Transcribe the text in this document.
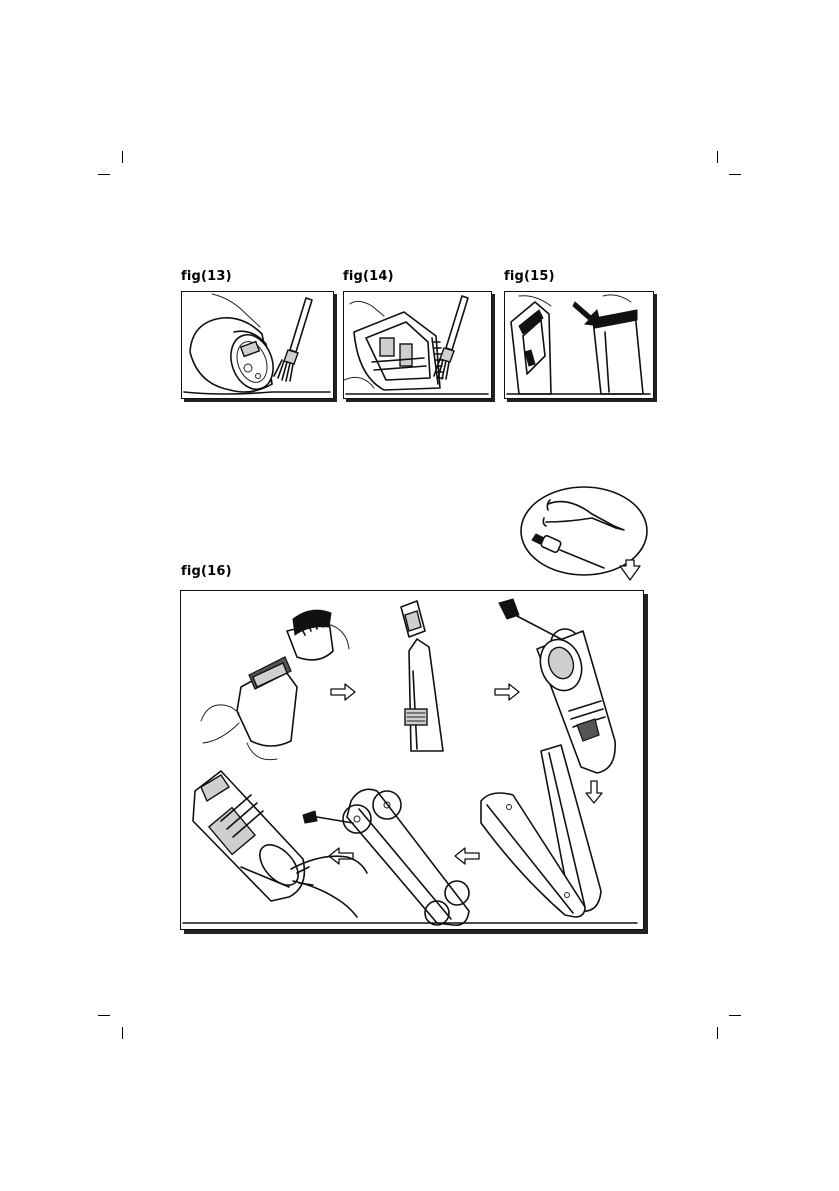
fig(13)	fig(14)	fig(15)
fig(16)
